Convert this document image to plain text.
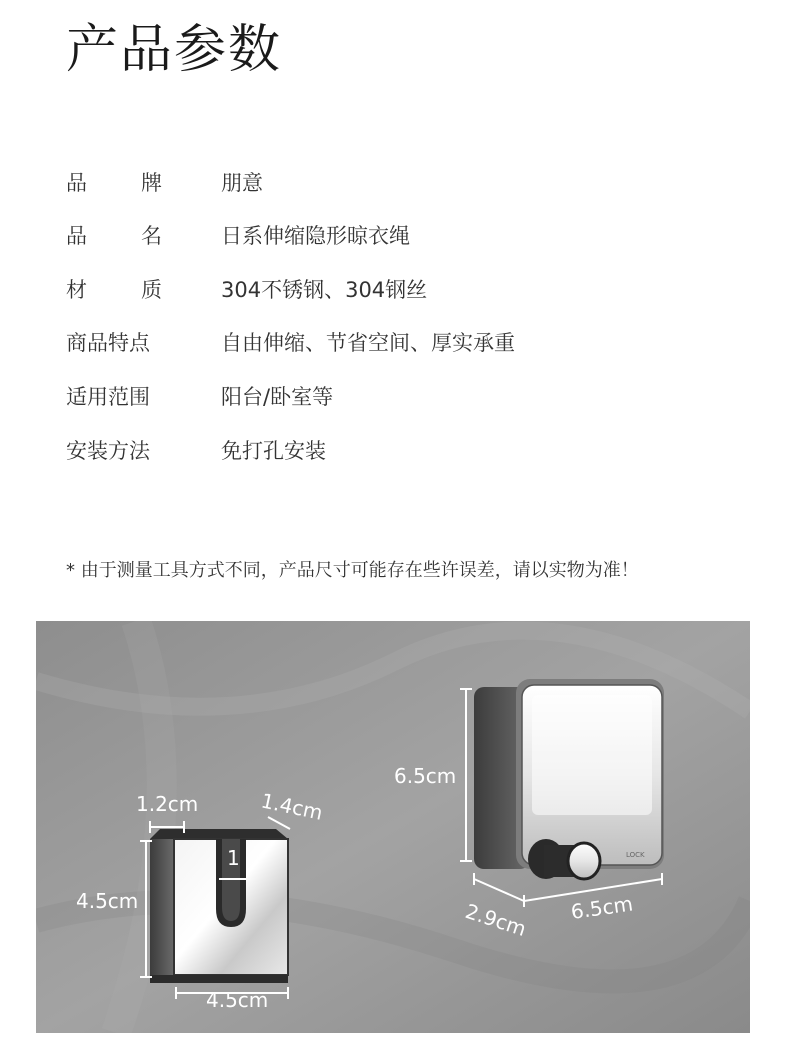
产品参数
品	牌	朋意
品	名	日系伸缩隐形晾衣绳
材	质	304不锈钢、304钢丝
商品特点	自由伸缩、节省空间、厚实承重
适用范围	阳台/卧室等
安装方法	免打孔安装
* 由于测量工具方式不同，产品尺寸可能存在些许误差，请以实物为准！
4.5cm
4.5cm
1.2cm	1.4cm
1	LOCK
6.5cm
2.9cm 6.5cm
